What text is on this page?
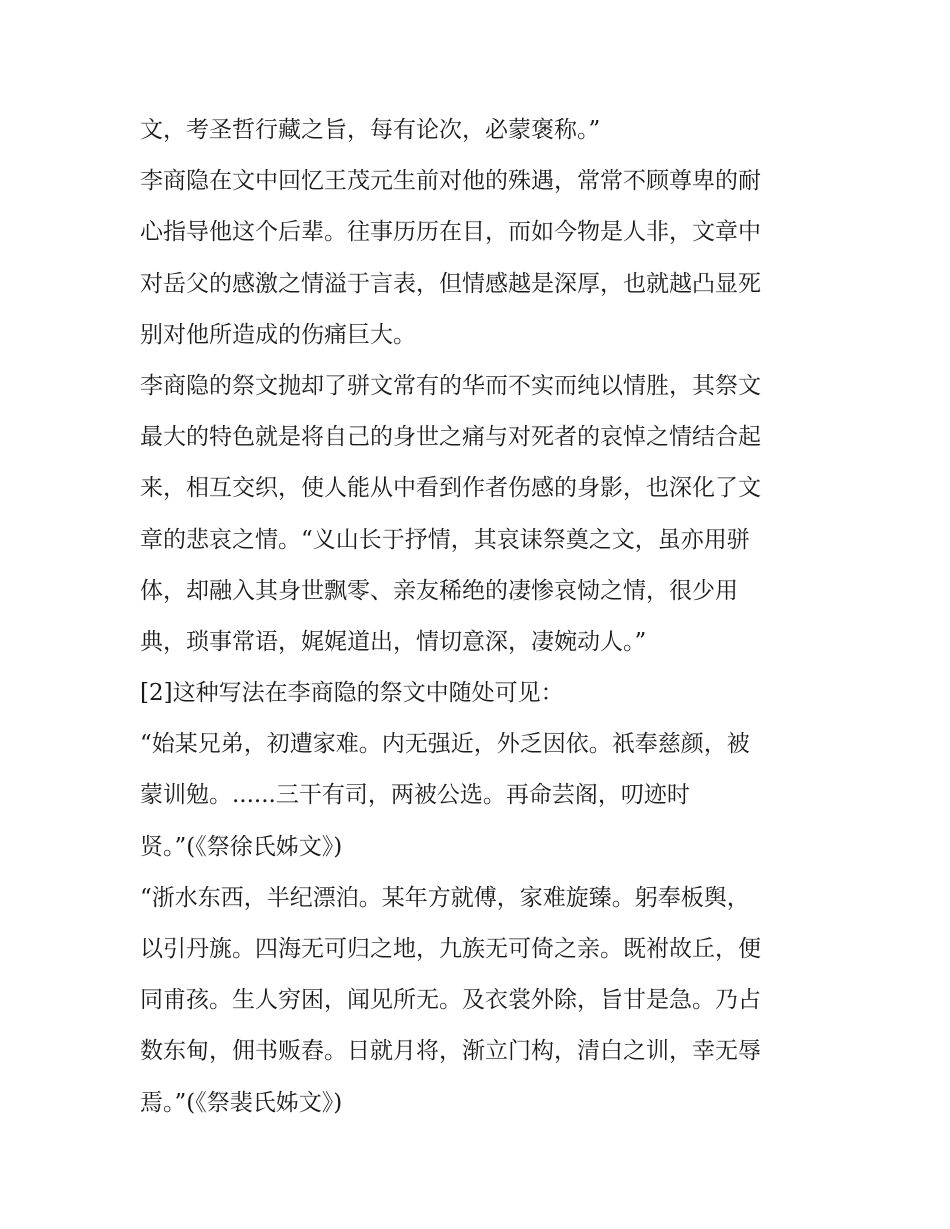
文，考圣哲行藏之旨，每有论次，必蒙褒称。”
李商隐在文中回忆王茂元生前对他的殊遇，常常不顾尊卑的耐
心指导他这个后辈。往事历历在目，而如今物是人非，文章中
对岳父的感激之情溢于言表，但情感越是深厚，也就越凸显死
别对他所造成的伤痛巨大。
李商隐的祭文抛却了骈文常有的华而不实而纯以情胜，其祭文
最大的特色就是将自己的身世之痛与对死者的哀悼之情结合起
来，相互交织，使人能从中看到作者伤感的身影，也深化了文
章的悲哀之情。“义山长于抒情，其哀诔祭奠之文，虽亦用骈
体，却融入其身世飘零、亲友稀绝的凄惨哀恸之情，很少用
典，琐事常语，娓娓道出，情切意深，凄婉动人。”
[2]这种写法在李商隐的祭文中随处可见：
“始某兄弟，初遭家难。内无强近，外乏因依。祇奉慈颜，被
蒙训勉。......三干有司，两被公选。再命芸阁，叨迹时
贤。”(《祭徐氏姊文》)
“浙水东西，半纪漂泊。某年方就傅，家难旋臻。躬奉板舆，
以引丹旐。四海无可归之地，九族无可倚之亲。既袝故丘，便
同甫孩。生人穷困，闻见所无。及衣裳外除，旨甘是急。乃占
数东甸，佣书贩舂。日就月将，渐立门构，清白之训，幸无辱
焉。”(《祭裴氏姊文》)
